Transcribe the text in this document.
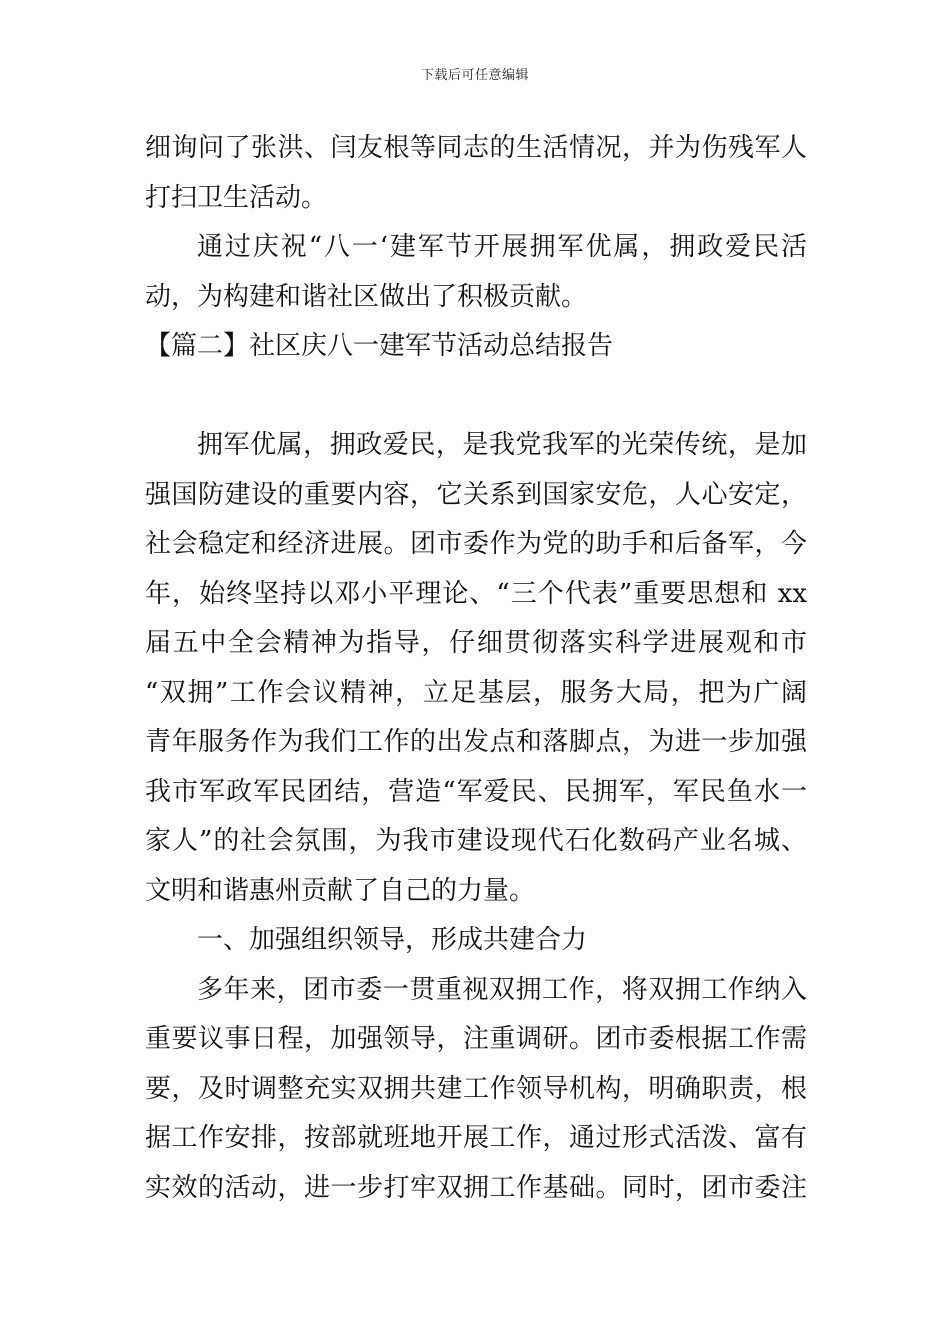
下载后可任意编辑
细询问了张洪、闫友根等同志的生活情况，并为伤残军人
打扫卫生活动。
通过庆祝“八一‘建军节开展拥军优属，拥政爱民活
动，为构建和谐社区做出了积极贡献。
【篇二】社区庆八一建军节活动总结报告
拥军优属，拥政爱民，是我党我军的光荣传统，是加
强国防建设的重要内容，它关系到国家安危，人心安定，
社会稳定和经济进展。团市委作为党的助手和后备军，今
年，始终坚持以邓小平理论、“三个代表”重要思想和 xx
届五中全会精神为指导，仔细贯彻落实科学进展观和市
“双拥”工作会议精神，立足基层，服务大局，把为广阔
青年服务作为我们工作的出发点和落脚点，为进一步加强
我市军政军民团结，营造“军爱民、民拥军，军民鱼水一
家人”的社会氛围，为我市建设现代石化数码产业名城、
文明和谐惠州贡献了自己的力量。
一、加强组织领导，形成共建合力
多年来，团市委一贯重视双拥工作，将双拥工作纳入
重要议事日程，加强领导，注重调研。团市委根据工作需
要，及时调整充实双拥共建工作领导机构，明确职责，根
据工作安排，按部就班地开展工作，通过形式活泼、富有
实效的活动，进一步打牢双拥工作基础。同时，团市委注
